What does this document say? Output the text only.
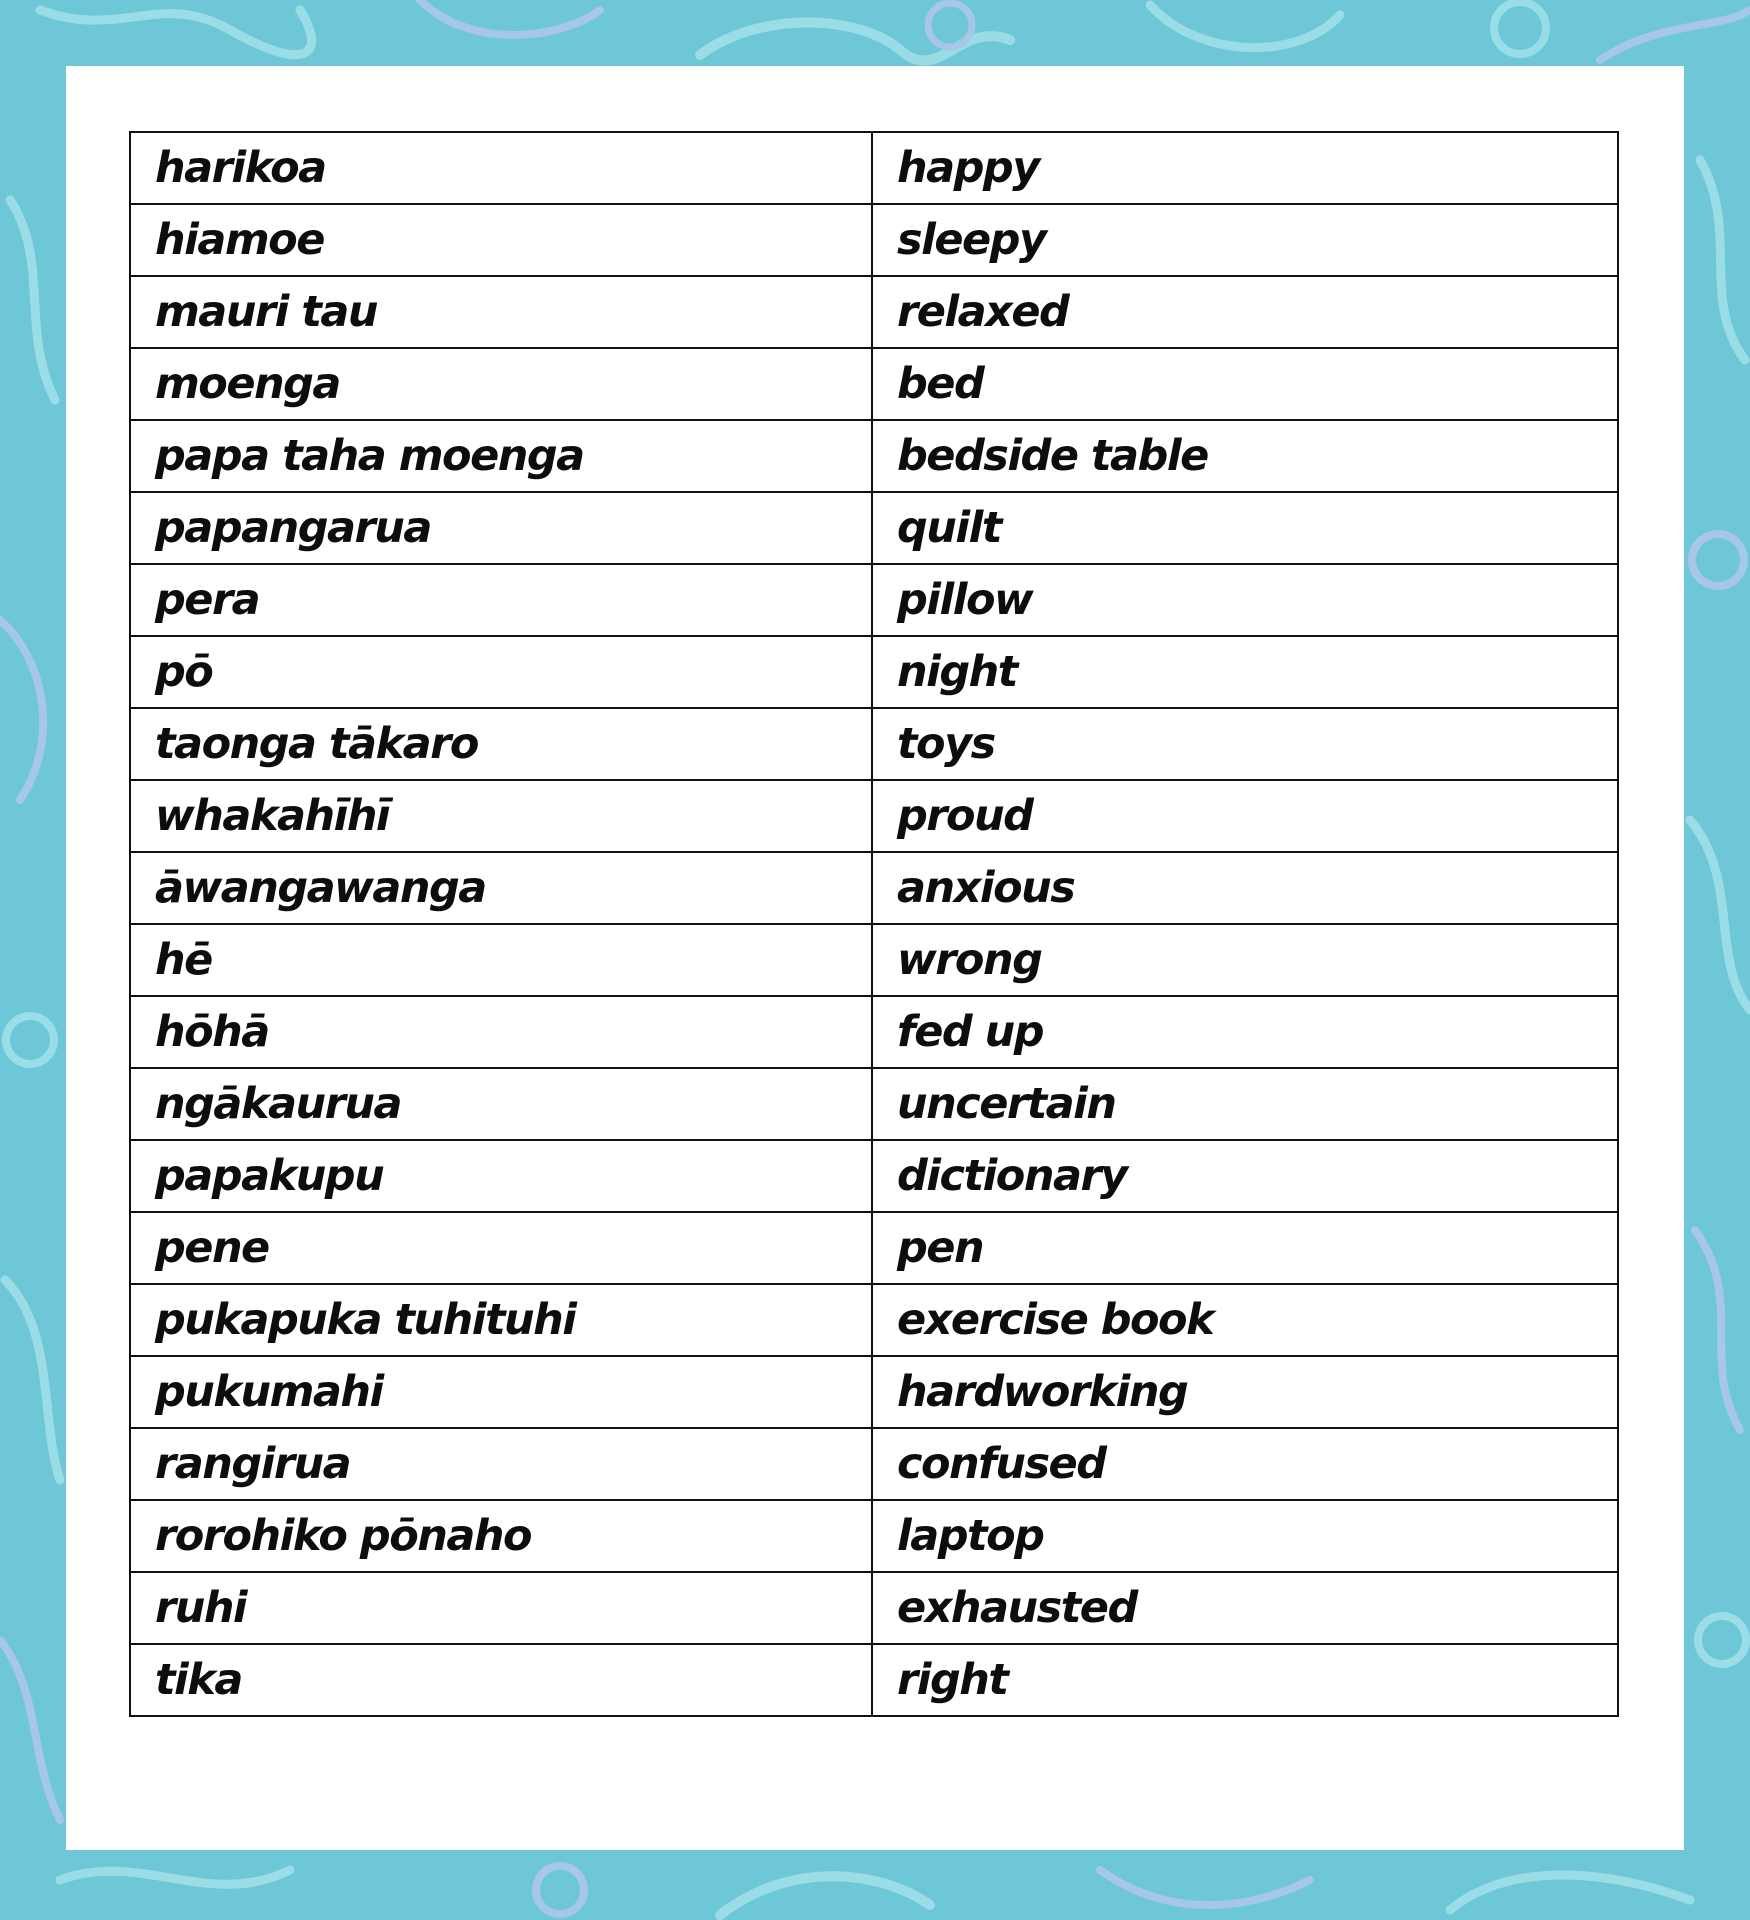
harikoa	happy
hiamoe	sleepy
mauri tau	relaxed
moenga	bed
papa taha moenga	bedside table
papangarua	quilt
pera	pillow
pō	night
taonga tākaro	toys
whakahīhī	proud
āwangawanga	anxious
hē	wrong
hōhā	fed up
ngākaurua	uncertain
papakupu	dictionary
pene	pen
pukapuka tuhituhi	exercise book
pukumahi	hardworking
rangirua	confused
rorohiko pōnaho	laptop
ruhi	exhausted
tika	right
